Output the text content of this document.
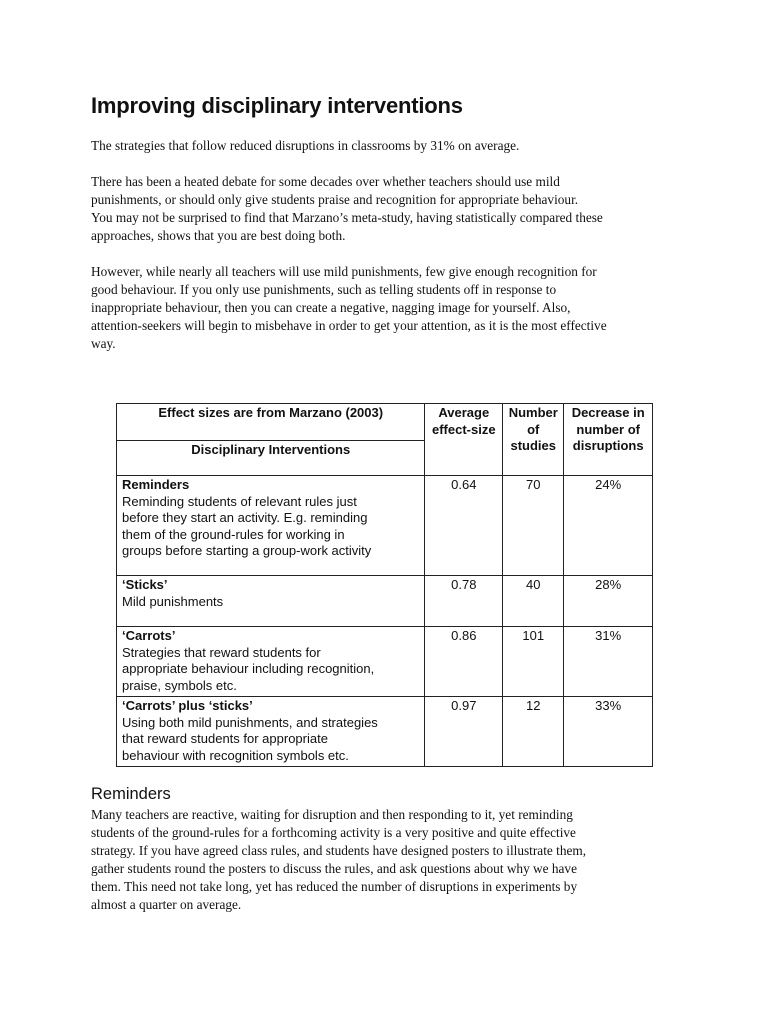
Improving disciplinary interventions

The strategies that follow reduced disruptions in classrooms by 31% on average.

There has been a heated debate for some decades over whether teachers should use mild
punishments, or should only give students praise and recognition for appropriate behaviour.
You may not be surprised to find that Marzano’s meta-study, having statistically compared these
approaches, shows that you are best doing both.

However, while nearly all teachers will use mild punishments, few give enough recognition for
good behaviour. If you only use punishments, such as telling students off in response to
inappropriate behaviour, then you can create a negative, nagging image for yourself. Also,
attention-seekers will begin to misbehave in order to get your attention, as it is the most effective
way.

Effect sizes are from Marzano (2003)	Average
effect-size	Number
of
studies	Decrease in
number of
disruptions

Disciplinary Interventions			

Reminders
Reminding students of relevant rules just
before they start an activity. E.g. reminding
them of the ground-rules for working in
groups before starting a group-work activity	0.64	70	24%

‘Sticks’
Mild punishments	0.78	40	28%

‘Carrots’
Strategies that reward students for
appropriate behaviour including recognition,
praise, symbols etc.	0.86	101	31%

‘Carrots’ plus ‘sticks’
Using both mild punishments, and strategies
that reward students for appropriate
behaviour with recognition symbols etc.	0.97	12	33%
Reminders

Many teachers are reactive, waiting for disruption and then responding to it, yet reminding
students of the ground-rules for a forthcoming activity is a very positive and quite effective
strategy. If you have agreed class rules, and students have designed posters to illustrate them,
gather students round the posters to discuss the rules, and ask questions about why we have
them. This need not take long, yet has reduced the number of disruptions in experiments by
almost a quarter on average.
